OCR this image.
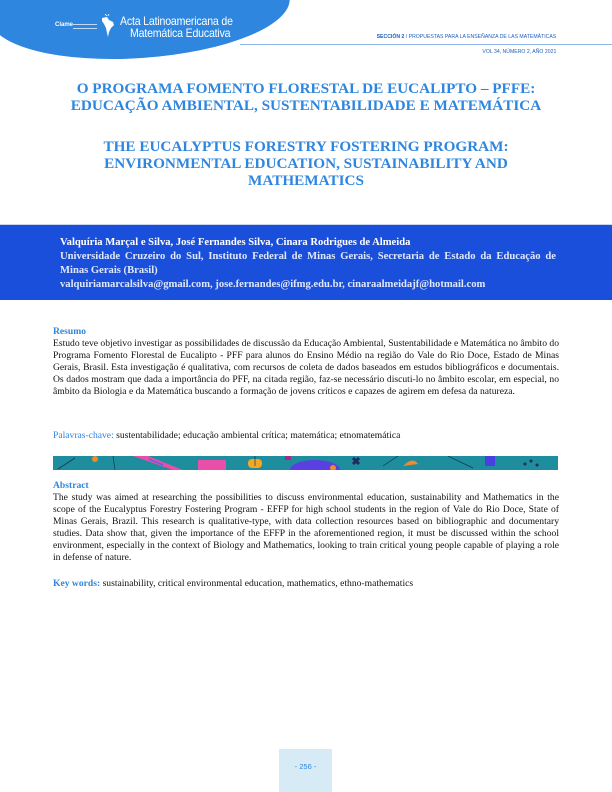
Clame	Acta Latinoamericana de
Matemática Educativa	SECCIÓN 2 / PROPUESTAS PARA LA ENSEÑANZA DE LAS MATEMÁTICAS
VOL 34, NÚMERO 2, AÑO 2021
O PROGRAMA FOMENTO FLORESTAL DE EUCALIPTO – PFFE:
EDUCAÇÃO AMBIENTAL, SUSTENTABILIDADE E MATEMÁTICA
THE EUCALYPTUS FORESTRY FOSTERING PROGRAM:
ENVIRONMENTAL EDUCATION, SUSTAINABILITY AND
MATHEMATICS
Valquíria Marçal e Silva, José Fernandes Silva, Cinara Rodrigues de Almeida
Universidade Cruzeiro do Sul, Instituto Federal de Minas Gerais, Secretaria de Estado da Educação de Minas Gerais (Brasil)
valquiriamarcalsilva@gmail.com, jose.fernandes@ifmg.edu.br, cinaraalmeidajf@hotmail.com
Resumo
Estudo teve objetivo investigar as possibilidades de discussão da Educação Ambiental, Sustentabilidade e Matemática no âmbito do Programa Fomento Florestal de Eucalipto - PFF para alunos do Ensino Médio na região do Vale do Rio Doce, Estado de Minas Gerais, Brasil. Esta investigação é qualitativa, com recursos de coleta de dados baseados em estudos bibliográficos e documentais. Os dados mostram que dada a importância do PFF, na citada região, faz-se necessário discuti-lo no âmbito escolar, em especial, no âmbito da Biologia e da Matemática buscando a formação de jovens críticos e capazes de agirem em defesa da natureza.
Palavras-chave: sustentabilidade; educação ambiental crítica; matemática; etnomatemática
Abstract
The study was aimed at researching the possibilities to discuss environmental education, sustainability and Mathematics in the scope of the Eucalyptus Forestry Fostering Program - EFFP for high school students in the region of Vale do Rio Doce, State of Minas Gerais, Brazil. This research is qualitative-type, with data collection resources based on bibliographic and documentary studies. Data show that, given the importance of the EFFP in the aforementioned region, it must be discussed within the school environment, especially in the context of Biology and Mathematics, looking to train critical young people capable of playing a role in defense of nature.
Key words: sustainability, critical environmental education, mathematics, ethno-mathematics
- 256 -
